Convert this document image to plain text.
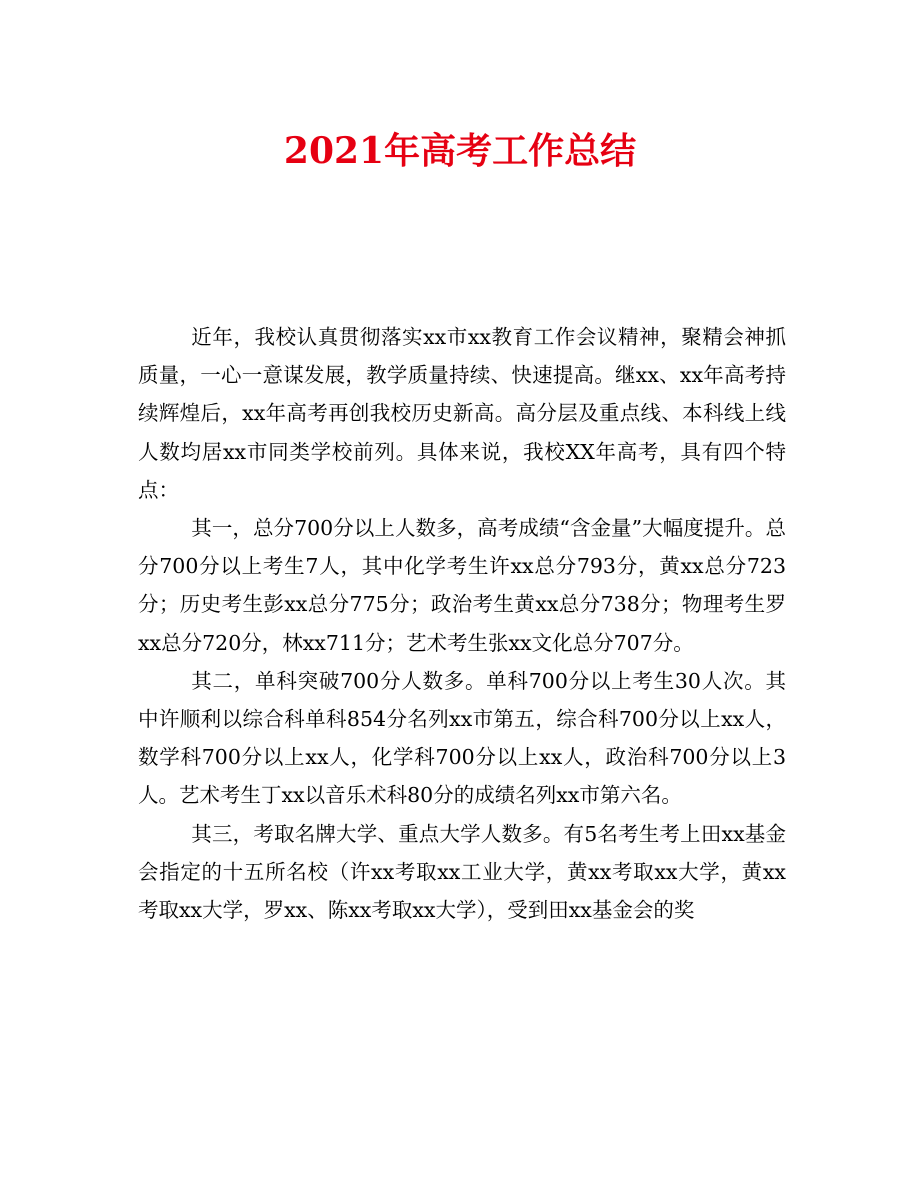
2021年高考工作总结

近年，我校认真贯彻落实xx市xx教育工作会议精神，聚精会神抓质量，一心一意谋发展，教学质量持续、快速提高。继xx、xx年高考持续辉煌后，xx年高考再创我校历史新高。高分层及重点线、本科线上线人数均居xx市同类学校前列。具体来说，我校XX年高考，具有四个特点：

其一，总分700分以上人数多，高考成绩“含金量”大幅度提升。总分700分以上考生7人，其中化学考生许xx总分793分，黄xx总分723分；历史考生彭xx总分775分；政治考生黄xx总分738分；物理考生罗xx总分720分，林xx711分；艺术考生张xx文化总分707分。

其二，单科突破700分人数多。单科700分以上考生30人次。其中许顺利以综合科单科854分名列xx市第五，综合科700分以上xx人，数学科700分以上xx人，化学科700分以上xx人，政治科700分以上3人。艺术考生丁xx以音乐术科80分的成绩名列xx市第六名。

其三，考取名牌大学、重点大学人数多。有5名考生考上田xx基金会指定的十五所名校（许xx考取xx工业大学，黄xx考取xx大学，黄xx考取xx大学，罗xx、陈xx考取xx大学），受到田xx基金会的奖
